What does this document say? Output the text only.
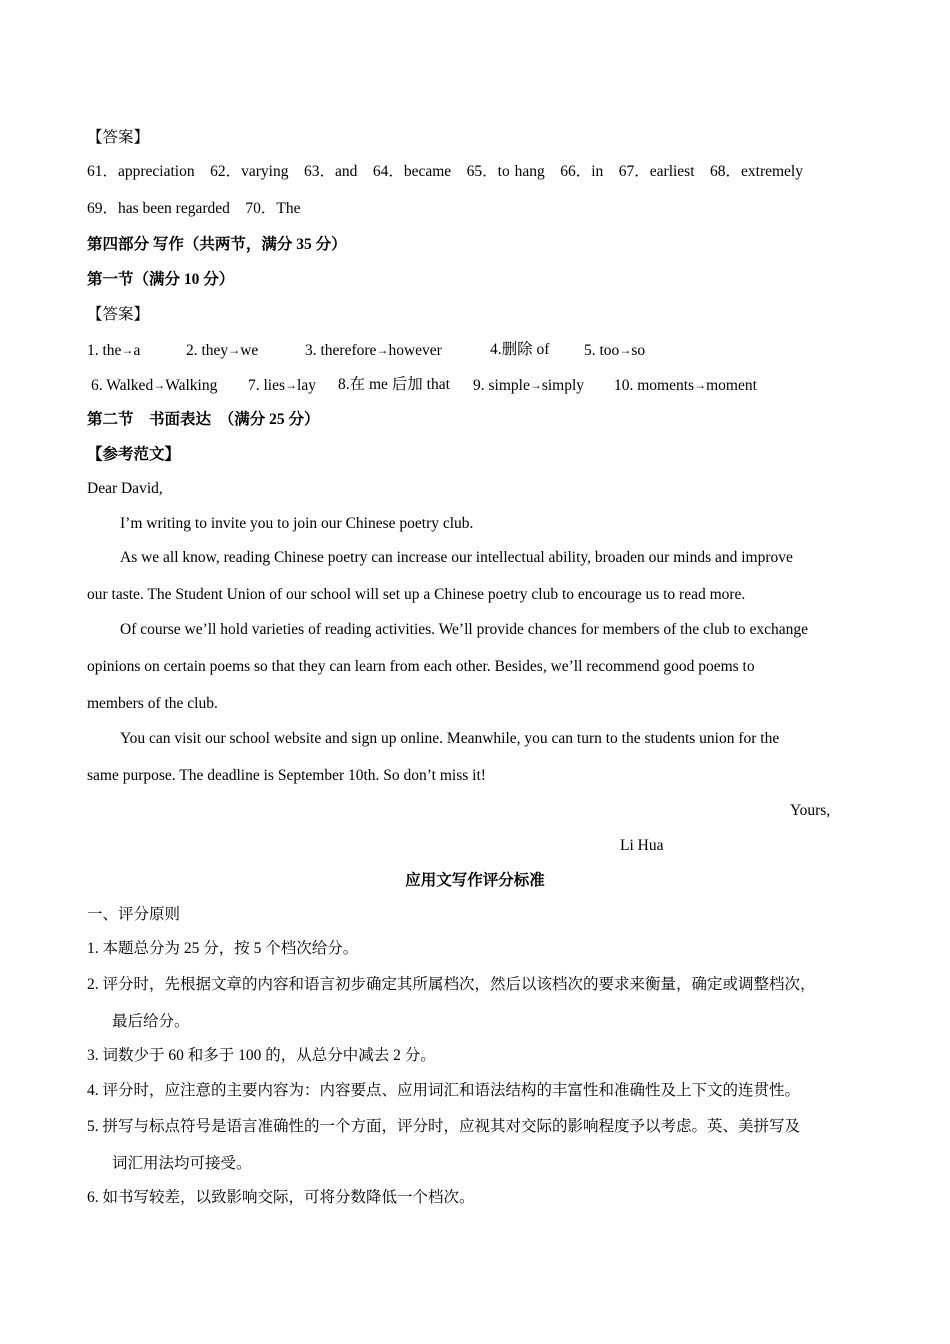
【答案】
61．appreciation　62．varying　63．and　64．became　65．to hang　66．in　67．earliest　68．extremely
69．has been regarded　70．The
第四部分 写作（共两节，满分 35 分）
第一节（满分 10 分）
【答案】
1. the→a	2. they→we	3. therefore→however	4.删除 of 5. too→so
6. Walked→Walking 7. lies→lay 8.在 me 后加 that 9. simple→simply 10. moments→moment
第二节　书面表达　（满分 25 分）
【参考范文】
Dear David,
I’m writing to invite you to join our Chinese poetry club.
As we all know, reading Chinese poetry can increase our intellectual ability, broaden our minds and improve
our taste. The Student Union of our school will set up a Chinese poetry club to encourage us to read more.
Of course we’ll hold varieties of reading activities. We’ll provide chances for members of the club to exchange
opinions on certain poems so that they can learn from each other. Besides, we’ll recommend good poems to
members of the club.
You can visit our school website and sign up online. Meanwhile, you can turn to the students union for the
same purpose. The deadline is September 10th. So don’t miss it!
Yours,
Li Hua
应用文写作评分标准
一、评分原则
1. 本题总分为 25 分，按 5 个档次给分。
2. 评分时，先根据文章的内容和语言初步确定其所属档次，然后以该档次的要求来衡量，确定或调整档次，
最后给分。
3. 词数少于 60 和多于 100 的，从总分中减去 2 分。
4. 评分时，应注意的主要内容为：内容要点、应用词汇和语法结构的丰富性和准确性及上下文的连贯性。
5. 拼写与标点符号是语言准确性的一个方面，评分时，应视其对交际的影响程度予以考虑。英、美拼写及
词汇用法均可接受。
6. 如书写较差，以致影响交际，可将分数降低一个档次。
